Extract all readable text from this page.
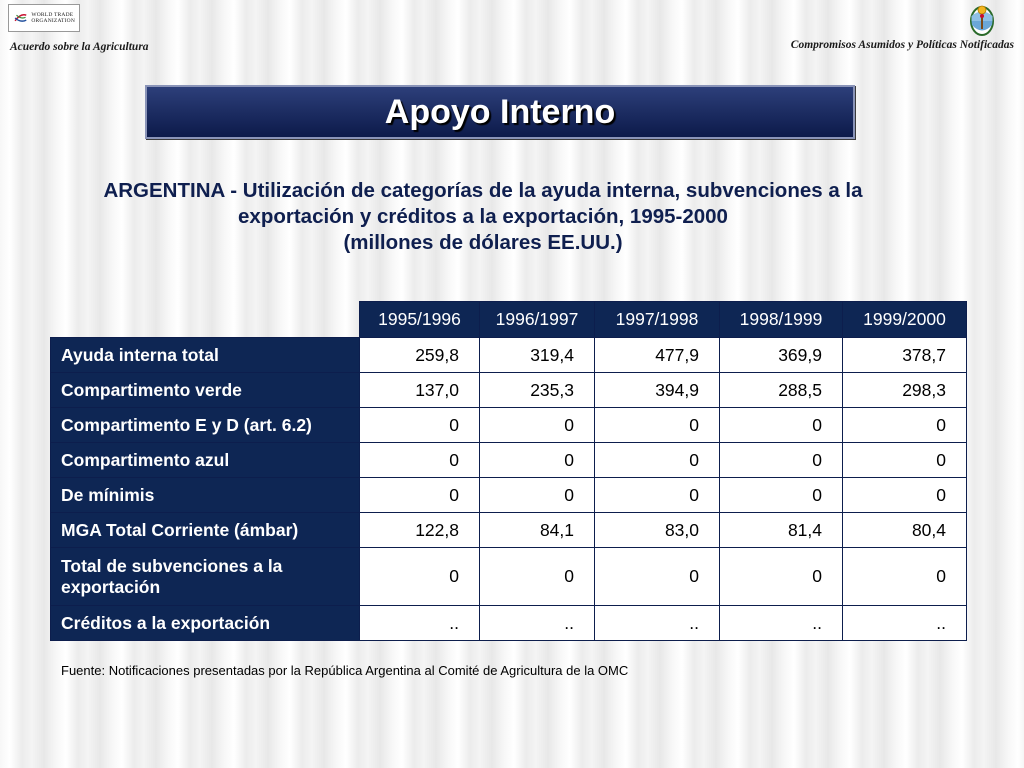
WORLD TRADE
ORGANIZATION
Acuerdo sobre la Agricultura	Compromisos Asumidos y Políticas Notificadas
Apoyo Interno
ARGENTINA - Utilización de categorías de la ayuda interna, subvenciones a la
exportación y créditos a la exportación, 1995-2000
(millones de dólares EE.UU.)
	1995/1996	1996/1997	1997/1998	1998/1999	1999/2000
Ayuda interna total	259,8	319,4	477,9	369,9	378,7
Compartimento verde	137,0	235,3	394,9	288,5	298,3
Compartimento E y D (art. 6.2)	0	0	0	0	0
Compartimento azul	0	0	0	0	0
De mínimis	0	0	0	0	0
MGA Total Corriente (ámbar)	122,8	84,1	83,0	81,4	80,4
Total de subvenciones a la exportación	0	0	0	0	0
Créditos a la exportación	..	..	..	..	..
Fuente: Notificaciones presentadas por la República Argentina al Comité de Agricultura de la OMC
